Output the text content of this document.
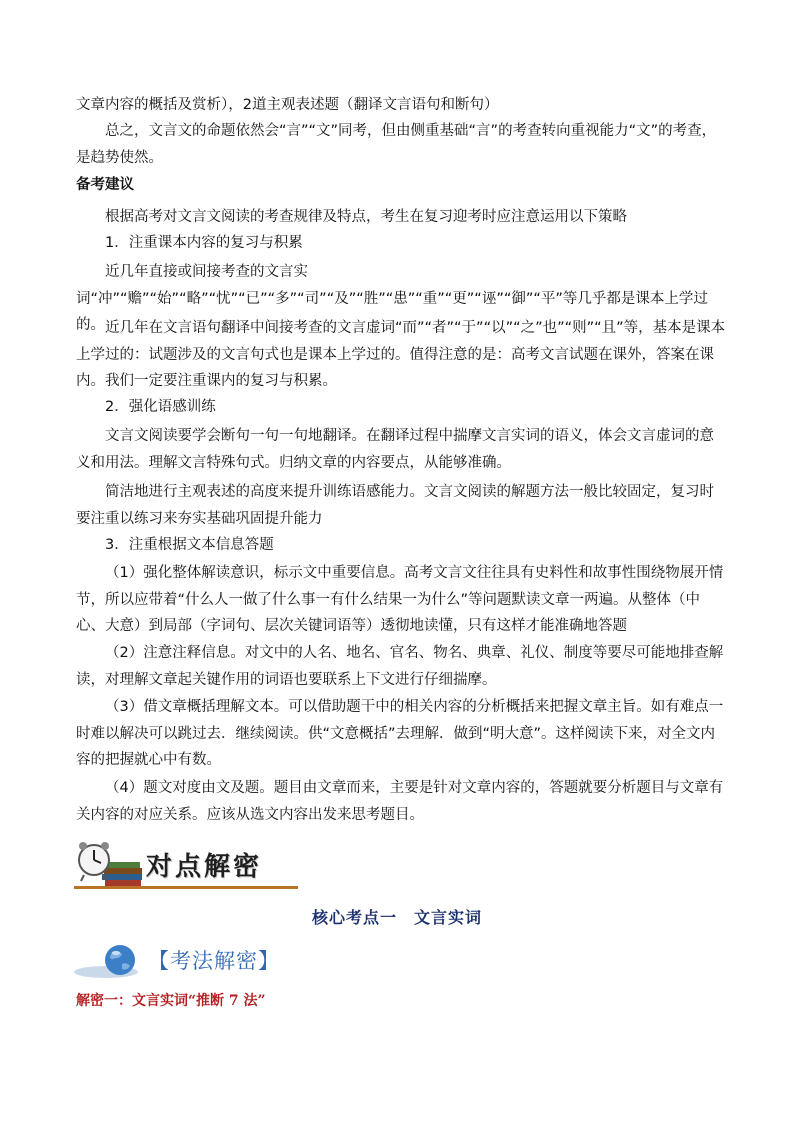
文章内容的概括及赏析），2道主观表述题（翻译文言语句和断句）

总之，文言文的命题依然会“言”“文”同考，但由侧重基础“言”的考查转向重视能力“文”的考查，是趋势使然。

备考建议

根据高考对文言文阅读的考查规律及特点，考生在复习迎考时应注意运用以下策略

1．注重课本内容的复习与积累

近几年直接或间接考查的文言实词“冲”“赡”“始”“略”“忧”“已”“多”“司”“及”“胜”“患”“重”“更”“诬”“御”“平”等几乎都是课本上学过的。 近几年在文言语句翻译中间接考查的文言虚词“而”“者”“于”“以”“之”也”“则”“且”等，基本是课本上学过的：试题涉及的文言句式也是课本上学过的。值得注意的是：高考文言试题在课外，答案在课内。我们一定要注重课内的复习与积累。

2．强化语感训练

文言文阅读要学会断句一句一句地翻译。在翻译过程中揣摩文言实词的语义，体会文言虚词的意义和用法。理解文言特殊句式。归纳文章的内容要点，从能够准确。

简洁地进行主观表述的高度来提升训练语感能力。文言文阅读的解题方法一般比较固定，复习时要注重以练习来夯实基础巩固提升能力

3．注重根据文本信息答题

（1）强化整体解读意识，标示文中重要信息。高考文言文往往具有史料性和故事性围绕物展开情节，所以应带着“什么人一做了什么事一有什么结果一为什么”等问题默读文章一两遍。从整体（中心、大意）到局部（字词句、层次关键词语等）透彻地读懂，只有这样才能准确地答题

（2）注意注释信息。对文中的人名、地名、官名、物名、典章、礼仪、制度等要尽可能地排查解读，对理解文章起关键作用的词语也要联系上下文进行仔细揣摩。

（3）借文章概括理解文本。可以借助题干中的相关内容的分析概括来把握文章主旨。如有难点一时难以解决可以跳过去．继续阅读。供“文意概括”去理解．做到“明大意”。这样阅读下来，对全文内容的把握就心中有数。

（4）题文对度由文及题。题目由文章而来，主要是针对文章内容的，答题就要分析题目与文章有关内容的对应关系。应该从选文内容出发来思考题目。

对点解密
核心考点一　文言实词
【考法解密】
解密一：文言实词“推断 7 法”
